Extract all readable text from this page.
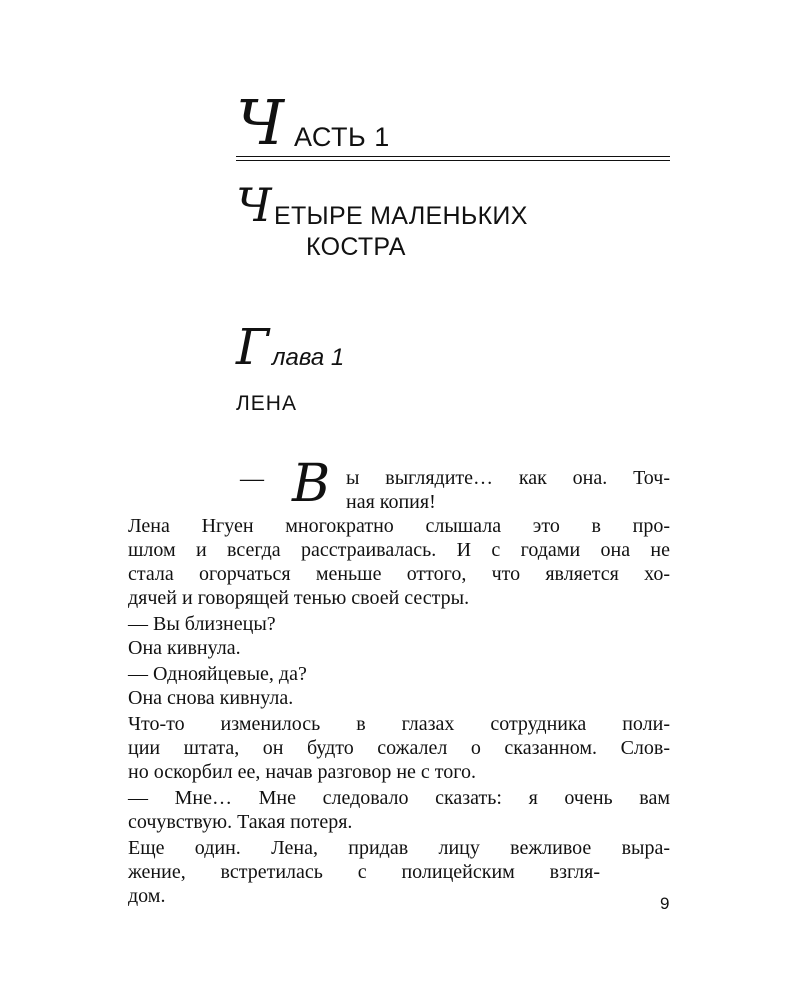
Ч АСТЬ 1
Ч ЕТЫРЕ МАЛЕНЬКИХ
КОСТРА
Г лава 1
ЛЕНА
— В ы выглядите… как она. Точ-
ная копия!
Лена Нгуен многократно слышала это в про-
шлом и всегда расстраивалась. И с годами она не
стала огорчаться меньше оттого, что является хо-
дячей и говорящей тенью своей сестры.
— Вы близнецы?
Она кивнула.
— Однояйцевые, да?
Она снова кивнула.
Что-то изменилось в глазах сотрудника поли-
ции штата, он будто сожалел о сказанном. Слов-
но оскорбил ее, начав разговор не с того.
— Мне… Мне следовало сказать: я очень вам
сочувствую. Такая потеря.
Еще один. Лена, придав лицу вежливое выра-
жение, встретилась с полицейским взгля-
дом.	9
